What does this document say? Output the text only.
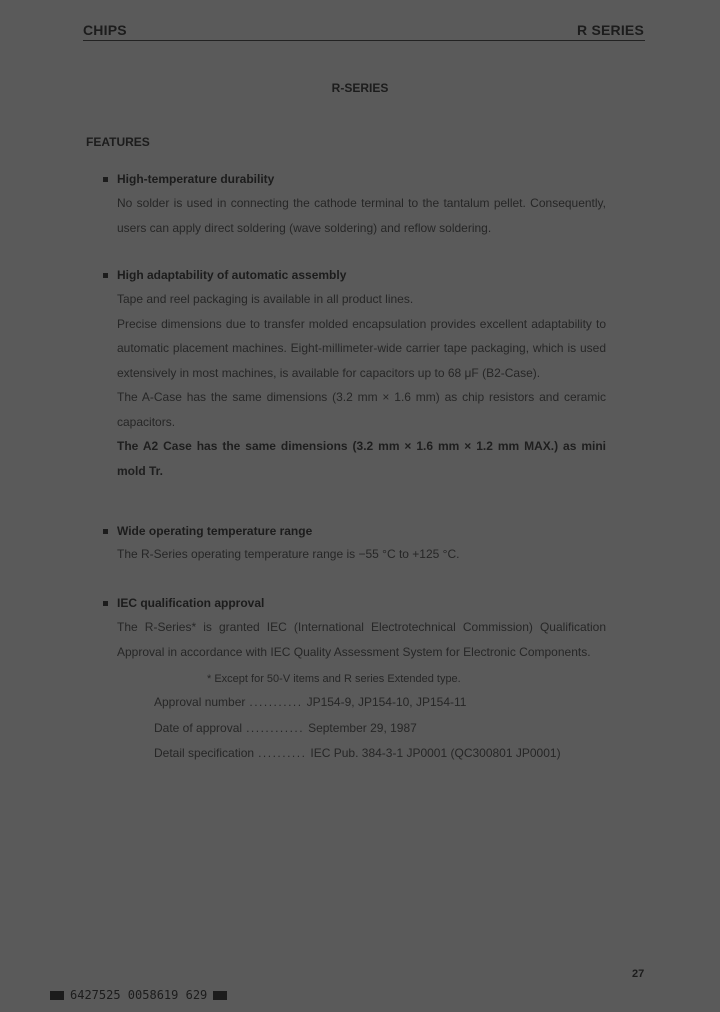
CHIPS	R SERIES
R-SERIES
FEATURES
High-temperature durability

No solder is used in connecting the cathode terminal to the tantalum pellet. Consequently, users can apply direct soldering (wave soldering) and reflow soldering.

High adaptability of automatic assembly

Tape and reel packaging is available in all product lines.

Precise dimensions due to transfer molded encapsulation provides excellent adaptability to automatic placement machines. Eight-millimeter-wide carrier tape packaging, which is used extensively in most machines, is available for capacitors up to 68 μF (B2-Case).

The A-Case has the same dimensions (3.2 mm × 1.6 mm) as chip resistors and ceramic capacitors.

The A2 Case has the same dimensions (3.2 mm × 1.6 mm × 1.2 mm MAX.) as mini mold Tr.

Wide operating temperature range

The R-Series operating temperature range is −55 °C to +125 °C.

IEC qualification approval

The R-Series* is granted IEC (International Electrotechnical Commission) Qualification Approval in accordance with IEC Quality Assessment System for Electronic Components.

* Except for 50-V items and R series Extended type.
Approval number ........... JP154-9, JP154-10, JP154-11
Date of approval ............ September 29, 1987
Detail specification .......... IEC Pub. 384-3-1 JP0001 (QC300801 JP0001)
27
6427525 0058619 629
